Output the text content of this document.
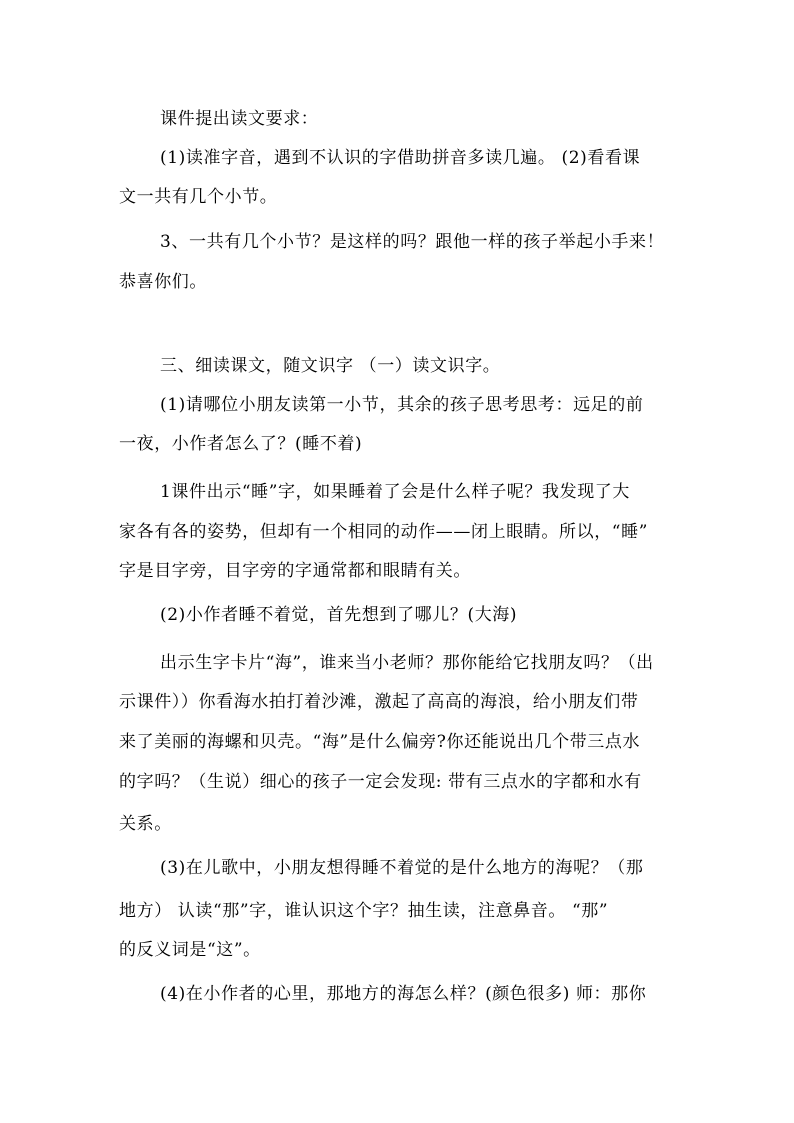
课件提出读文要求：

(1)读准字音，遇到不认识的字借助拼音多读几遍。 (2)看看课

文一共有几个小节。

3、一共有几个小节？是这样的吗？跟他一样的孩子举起小手来！

恭喜你们。

三、细读课文，随文识字 （一）读文识字。

(1)请哪位小朋友读第一小节，其余的孩子思考思考：远足的前

一夜，小作者怎么了？(睡不着)

1课件出示“睡”字，如果睡着了会是什么样子呢？我发现了大

家各有各的姿势，但却有一个相同的动作——闭上眼睛。所以，“睡”

字是目字旁，目字旁的字通常都和眼睛有关。

(2)小作者睡不着觉，首先想到了哪儿？(大海)

出示生字卡片“海”，谁来当小老师？那你能给它找朋友吗？（出

示课件））你看海水拍打着沙滩，激起了高高的海浪，给小朋友们带

来了美丽的海螺和贝壳。“海”是什么偏旁?你还能说出几个带三点水

的字吗？（生说）细心的孩子一定会发现: 带有三点水的字都和水有

关系。

(3)在儿歌中，小朋友想得睡不着觉的是什么地方的海呢？（那

地方） 认读“那”字，谁认识这个字？抽生读，注意鼻音。 “那”

的反义词是“这”。

(4)在小作者的心里，那地方的海怎么样？(颜色很多) 师：那你
